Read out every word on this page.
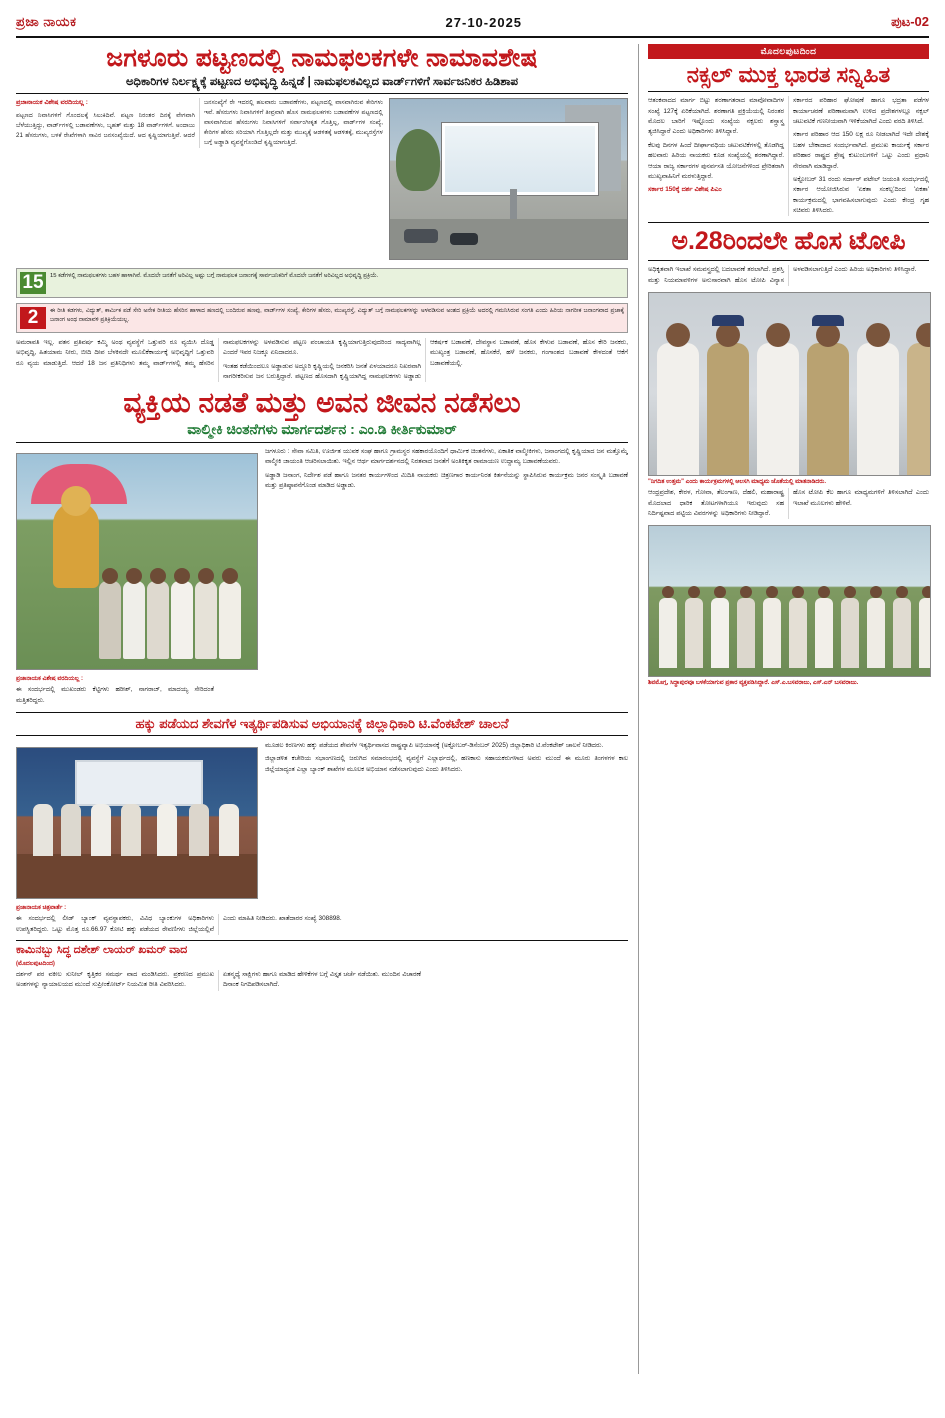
ಪ್ರಜಾ ನಾಯಕ	27-10-2025	ಪುಟ-02
ಜಗಳೂರು ಪಟ್ಟಣದಲ್ಲಿ ನಾಮಫಲಕಗಳೇ ನಾಮಾವಶೇಷ
ಅಧಿಕಾರಿಗಳ ನಿರ್ಲಕ್ಷ್ಯಕ್ಕೆ ಪಟ್ಟಣದ ಅಭಿವೃದ್ಧಿ ಹಿನ್ನಡೆ | ನಾಮಫಲಕವಿಲ್ಲದ ವಾರ್ಡ್‌ಗಳಿಗೆ ಸಾರ್ವಜನಿಕರ ಹಿಡಿಶಾಪ

ಪ್ರಜಾನಾಯಕ ವಿಶೇಷ ವರದಿಯಲ್ಲ :

ಪಟ್ಟಣದ ನಿವಾಸಿಗಳಿಗೆ ಗೊಂದಲಕ್ಕೆ ಸಿಲುಕಿದಿವೆ. ಪಟ್ಟಣ ನಿರಂತರ ದಿನಕ್ಕೆ ವೇಗವಾಗಿ ಬೆಳೆಯುತ್ತಿದ್ದು, ವಾರ್ಡ್‌ಗಳಲ್ಲಿ ಬಡಾವಣೆಗಳು, ಬೃಹತ್ ಮತ್ತು 18 ವಾರ್ಡ್‌ಗಳಿಗೆ. ಅಂದಾಜು 21 ಹೆಸರುಗಳು, ಬಳಕೆ ರೇಖೆಗಳಾಗಿ ಸಾವಿರ ಜನಸಂಖ್ಯೆಯಿದೆ. ಆದ ಕೃಷ್ಣಿಯಾಗುತ್ತಿವೆ. ಆದರೆ ಜನಸಂಖ್ಯೆಗೆ ರೇ ಇದರಲ್ಲಿ ಹಲವಾರು ಬಡಾವಣೆಗಳು, ಪಟ್ಟಣದಲ್ಲಿ ವಾಸವಾಗಿರುವ ಕೇರಿಗಳು ಇವೆ. ಹೆಸರುಗಳು ನಿವಾಸಿಗಳಿಗೆ ತೀವ್ರವಾಗಿ ಹೊಸ ನಾಮಫಲಕಗಳು ಬಡಾವಣೆಗಳ ಪಟ್ಟಣದಲ್ಲಿ ವಾಸವಾಗಿರುವ ಹೆಸರುಗಳು ನಿವಾಸಿಗಳಿಗೆ ಸರ್ವಾಂಗೀಕೃತ ಗೊತ್ತಿಲ್ಲ, ವಾರ್ಡ್‌ಗಳ ಸಂಖ್ಯೆ, ಕೇರಿಗಳ ಹೆಸರು ಸರಿಯಾಗಿ ಗೊತ್ತಿಲ್ಲದೇ ಮತ್ತು ಮುಖ್ಯಕ್ಕೆ ಆಡಳಿತಕ್ಕೆ ಆಡಳಿತಕ್ಕೆ, ಮುಖ್ಯರಸ್ತೆಗಳ ಬಗ್ಗೆ ಅಡ್ಡಾಡಿ ವ್ಯವಸ್ಥೆಗೊಂಡಿದೆ ಕೃಷ್ಣಿಯಾಗುತ್ತಿದೆ.

15	15 ಕಡೆಗಳಲ್ಲಿ ನಾಮಫಲಕಗಳು ಬಹಳ ಹಾಳಾಗಿವೆ. ಮೊದಲೇ ಜನತೆಗೆ ಅರಿವಿಲ್ಲ ಅಷ್ಟು ಬಗ್ಗೆ ನಾಮಫಲಕ ಜನಾಂಗಕ್ಕೆ ಸಾರ್ವಜನಿಕರಿಗೆ ಮೊದಲೇ ಜನತೆಗೆ ಅರಿವಿಲ್ಲದ ಅಭಿವೃದ್ಧಿ ಪ್ರಕ್ರಿಯೆ.
2	ಈ ರೀತಿ ಕಡಗಳು, ವಿದ್ಯುತ್, ಕಾರ್ಮಿಕ ಪಡೆ ಸೇರಿ ಅನೇಕ ರೀತಿಯ ಹೆಸರಿನ ಹಾಳಾದ ಹಣದಲ್ಲಿ ಬಂದಿರುವ ಹಣವು, ವಾರ್ಡ್‌ಗಳ ಸಂಖ್ಯೆ, ಕೇರಿಗಳ ಹೆಸರು, ಮುಖ್ಯರಸ್ತೆ, ವಿದ್ಯುತ್ ಬಗ್ಗೆ ನಾಮಫಲಕಗಳನ್ನು ಅಳವಡಿಸುವ ಅಂಶದ ಪ್ರಕ್ರಿಯೆ ಅದರಲ್ಲಿ ಗಮನಿಸಿರುವ ಸಂಗತಿ ಎಂದು ಹಿರಿಯ ನಾಗರೀಕ ಜನಾಂಗವಾದ ಪ್ರಜಾಕ್ಕೆ ಜನಾಂಗ ಅಂಥ ನಾಮಾವಳಿ ಪ್ರತಿಕ್ರಿಯೆಯಲ್ಲ.

ಅಮರಾವತಿ ಇಲ್ಲ. ಪತನ ಪ್ರತಿವರ್ಷ ಕಮ್ಮಿ ಅಂಥ ವ್ಯವಸ್ಥೆಗೆ ಒತ್ತುವರಿ ರೂ ವ್ಯಯಿಸಿ ದೊಡ್ಡ ಅಭಿವೃದ್ಧಿ, ಹಿತಯಾಮ ನೀರು, ಬೀದಿ ದೀಪ ಬೆಳಕಿನದೇ ಮೂಲಿಕೆಕಾರ್ಯಕ್ಕೆ ಅಭಿವೃದ್ಧಿಗೆ ಒತ್ತುವರಿ ರೂ ವ್ಯಯ ಮಾಡುತ್ತಿದೆ. ಆದರೆ 18 ಜನ ಪ್ರತಿನಿಧಿಗಳು ತಮ್ಮ ವಾರ್ಡ್‌ಗಳಲ್ಲಿ ತಮ್ಮ ಹೆಸರಿನ ನಾಮಫಲಕಗಳನ್ನು ಅಳವಡಿಸುವ ಪಟ್ಟಣ ಪಂಚಾಯತಿ ಕೃಷ್ಣಿಯಾಗುತ್ತಿರುವುದರಿಂದ ಸಾದ್ಯವಾಗಿಲ್ಲ ಎಂದರೆ ಇವರ ನಿಜಕ್ಕೂ ಏನಿದಾದರೂ.

ಇಂತಹ ಕಡೆಯಿಂದಲೂ ಅಡ್ಡಾಡುವ ಅದ್ದೂರಿ ಕೃಷ್ಣಿಯಲ್ಲಿ ಜನಕರಿಸಿ ಜನತೆ ಏಳಯಾದರೂ ನಿಖರವಾಗಿ ನಾಗರೀಕರಿಸುವ ಜನ ಬರುತ್ತಿದ್ದಾರೆ. ಪಟ್ಟಣದ ಹೊಸದಾಗಿ ಕೃಷ್ಣಿಯಾಗಿದ್ದ ನಾಮಫಲಕಗಳು ಅಡ್ಡಾಡು ಆಕರ್ಷಕ ಬಡಾವಣೆ, ದೇವಸ್ಥಾನ ಬಡಾವಣೆ, ಹೊಸ ಕೇಳುವ ಬಡಾವಣೆ, ಹೊಸ ಕೇರಿ ಜನಕರು, ಮುಖ್ಯಂತ್ರ ಬಡಾವಣೆ, ಹೊಸಕೆರೆ, ಹಳೆ ಜನಕರು, ಗಂಗಾಂಶದ ಬಡಾವಣೆ ಕೇಳದಂತೆ ಆಕೆಗೆ ಬಡಾವಣೆಯಲ್ಲಿ.

ವ್ಯಕ್ತಿಯ ನಡತೆ ಮತ್ತು ಅವನ ಜೀವನ ನಡೆಸಲು
ವಾಲ್ಮೀಕಿ ಚಿಂತನೆಗಳು ಮಾರ್ಗದರ್ಶನ : ಎಂ.ಡಿ ಕೀರ್ತಿಕುಮಾರ್

ಜಗಳೂರು : ಸೇವಾ ಸಮಿತಿ, ಊರ್ಜಿತ ಯುವಕ ಸಂಘ ಹಾಗೂ ಗ್ರಾಮಸ್ಥರ ಸಹಕಾರಯೊಂದಿಗೆ ಧಾರ್ಮಿಕ ಚಿಂತನೆಗಳು, ಏಕಾತಿಕ ವಾಲ್ಮೀಕಿಗಳು, ಜನಾಂಗದಲ್ಲಿ ಕೃಷ್ಣಿಯಾದ ಜನ ಮತ್ತೊಮ್ಮೆ ವಾಲ್ಮೀಕಿ ಜಾಯಂತಿ ಆಚರಿಸಲಾಯಿತು. ಇಲ್ಲಿನ ಆರ್ಥ ಮಾರ್ಗದರ್ಶನದಲ್ಲಿ ನಿರತವಾದ ಜನತೆಗೆ ಅಂತಿಕಿಕೃತ ರಾಮಾಯಣ ಉದ್ದಾಮ್ಯ ಬಡಾವಣೆಯವರು.

ಅಡ್ಡಾಡಿ ಜನಾಂಗ, ನಿರ್ದೇಶ ಪಡೆ ಹಾಗೂ ಜನತರ ಕಾರ್ಯಗಳಿಂದ ಮಿದಿತಿ ನಾಯಕರು ಚಿತ್ರಣಗಾರ ಕಾರ್ಯನಿರತ ಕಿರ್ತನೆಯನ್ನು ಸ್ಥಾಪಿಸಿರುವ ಕಾರ್ಯಕ್ರಮ ಜನರ ಸಂಸ್ಕೃತಿ ಬಡಾವಣೆ ಮತ್ತು ಪ್ರತಿಷ್ಠಾಪನೆಗೊಂಡ ಮಾಡಿದ ಅಡ್ಡಾಡು.

ಪ್ರಜಾನಾಯಕ ವಿಶೇಷ ವರದಿಯಲ್ಲ :

ಈ ಸಂದರ್ಭದಲ್ಲಿ ಮುಖಂಡರು ಕೆಟ್ಟಿಗಳು ಹರೀಶ್, ನಾಗರಾಜ್, ಮಾದಯ್ಯ ಸೇರಿದಂತೆ ಮತ್ತಿತರಿದ್ದರು.

ಹಕ್ಕು ಪಡೆಯದ ಶೇವಗೆಳ ಇತ್ಯರ್ಥಿಪಡಿಸುವ ಅಭಿಯಾನಕ್ಕೆ ಜಿಲ್ಲಾಧಿಕಾರಿ ಟಿ.ವೆಂಕಟೇಶ್ ಚಾಲನೆ

ಮೂಡಲ ಕಿರಣಗಳು ಹಕ್ಕು ಪಡೆಯದ ಶೇವಗೆಳ ಇತ್ಯರ್ಥಿವಾಸದ ರಾಷ್ಟ್ರವ್ಯಾಪಿ ಅಭಿಯಾನಕ್ಕೆ (ಅಕ್ಟೋಬರ್-ಡಿಸೆಂಬರ್ 2025) ಜಿಲ್ಲಾಧಿಕಾರಿ ಟಿ.ವೆಂಕಟೇಶ್ ಚಾಲನೆ ನೀಡಿದರು.

ಜಿಲ್ಲಾಡಳಿತ ಕಚೇರಿಯ ಸಭಾಂಗಣದಲ್ಲಿ ಜರುಗಿದ ಸಮಾರಂಭದಲ್ಲಿ ವ್ಯವಸ್ಥೆಗೆ ಎಲ್ಲಾರ್ಥದಲ್ಲಿ, ಹಣಕಾಸು ಸಹಾಯಕರುಗಳಾದ ಅವರು ಮುಂದೆ ಈ ಮೂರು ತಿಂಗಳಗಳ ಕಾಲ ಜಿಲ್ಲೆಯಾದ್ಯಂತ ಎಲ್ಲಾ ಬ್ಯಾಂಕ್ ಶಾಖೆಗಳ ಮೂಲಕ ಅಭಿಯಾನ ನಡೆಸಲಾಗುವುದು ಎಂದು ತಿಳಿಸಿದರು.

ಪ್ರಜಾನಾಯಕ ಚಿತ್ರವಾರ್ತೆ :

ಈ ಸಂದರ್ಭದಲ್ಲಿ ಲೀಡ್ ಬ್ಯಾಂಕ್ ವ್ಯವಸ್ಥಾಪಕರು, ವಿವಿಧ ಬ್ಯಾಂಕುಗಳ ಅಧಿಕಾರಿಗಳು ಉಪಸ್ಥಿತರಿದ್ದರು. ಒಟ್ಟು ಮೊತ್ತ ರೂ.66.97 ಕೋಟಿ ಹಕ್ಕು ಪಡೆಯದ ಠೇವಣಿಗಳು ಜಿಲ್ಲೆಯಲ್ಲಿವೆ ಎಂದು ಮಾಹಿತಿ ನೀಡಿದರು. ಖಾತೆದಾರರ ಸಂಖ್ಯೆ 308898.

ಕಾಮಿನಬ್ಬು ಸಿದ್ಧ ದಶೇಶ್ ಲಾಯರ್ ಖಮರ್ ವಾದ
(ಮೊದಲಪುಟದಿಂದ)

ದರ್ಶನ್ ಪರ ವಕೀಲ ಸುನೀಲ್ ಕೃತ್ತಿಕರ ಸಮರ್ಥ ವಾದ ಮಂಡಿಸಿದರು. ಪ್ರಕರಣದ ಪ್ರಮುಖ ಅಂಶಗಳನ್ನು ನ್ಯಾಯಾಲಯದ ಮುಂದೆ ಸುಪ್ರೀಂಕೋರ್ಟ್ ನಿಯಮಿತ ರೀತಿ ವಿವರಿಸಿದರು.

ಏತನ್ಮಧ್ಯೆ ಸಾಕ್ಷಿಗಳು ಹಾಗೂ ಮಾಡಿದ ಹೇಳಿಕೆಗಳ ಬಗ್ಗೆ ವಿಸ್ತೃತ ಚರ್ಚೆ ನಡೆಯಿತು. ಮುಂದಿನ ವಿಚಾರಣೆ ದಿನಾಂಕ ನಿಗದಿಪಡಿಸಲಾಗಿದೆ.

ಮೊದಲಪುಟದಿಂದ
ನಕ್ಸಲ್ ಮುಕ್ತ ಭಾರತ ಸನ್ನಿಹಿತ

ಆತಂಕವಾದದ ಮಾರ್ಗ ಬಿಟ್ಟು ಶರಣಾಗತರಾದ ಮಾವೋವಾದಿಗಳ ಸಂಖ್ಯೆ 127ಕ್ಕೆ ಏರಿಕೆಯಾಗಿದೆ. ಶರಣಾಗತಿ ಪ್ರಕ್ರಿಯೆಯಲ್ಲಿ ನಿರಂತರ ಮೊದಲ ಬಾರಿಗೆ ಇಷ್ಟೊಂದು ಸಂಖ್ಯೆಯ ನಕ್ಸಲರು ಶಸ್ತ್ರಾಸ್ತ್ರ ತ್ಯಜಿಸಿದ್ದಾರೆ ಎಂದು ಅಧಿಕಾರಿಗಳು ತಿಳಿಸಿದ್ದಾರೆ.

ಕೆಲವು ದಿನಗಳ ಹಿಂದೆ ದೀರ್ಘಾವಧಿಯ ಚಟುವಟಿಕೆಗಳಲ್ಲಿ ತೊಡಗಿದ್ದ ಹಲವಾರು ಹಿರಿಯ ನಾಯಕರು ಕೂಡ ಸಂಖ್ಯೆಯಲ್ಲಿ ಶರಣಾಗಿದ್ದಾರೆ. ಆಯಾ ರಾಜ್ಯ ಸರ್ಕಾರಗಳ ಪುನರ್ವಸತಿ ಯೋಜನೆಗಳಿಂದ ಪ್ರೇರಿತರಾಗಿ ಮುಖ್ಯವಾಹಿನಿಗೆ ಮರಳುತ್ತಿದ್ದಾರೆ.

ಸರ್ಕಾರ 150ಕ್ಕೆ ದರ್ಶ ವಿಶೇಷ ಪಿಎಂ

ಸರ್ಕಾರದ ಪರಿಹಾರ ಘೋಷಣೆ ಹಾಗೂ ಭದ್ರತಾ ಪಡೆಗಳ ಕಾರ್ಯಾಚರಣೆ ಪರಿಣಾಮವಾಗಿ ಉಳಿದ ಪ್ರದೇಶಗಳಲ್ಲೂ ನಕ್ಸಲ್ ಚಟುವಟಿಕೆ ಗಣನೀಯವಾಗಿ ಇಳಿಕೆಯಾಗಿದೆ ಎಂದು ವರದಿ ತಿಳಿಸಿದೆ.

ಸರ್ಕಾರ ಪರಿಹಾರ ಆದ 150 ಲಕ್ಷ ರೂ ನೀಡಲಾಗಿದೆ ಇದೇ ದೇಶಕ್ಕೆ ಬಹಳ ಬೇಕಾದಾದ ಸಂದರ್ಭವಾಗಿದೆ. ಪ್ರಮುಖ ಕಾರ್ಯಕ್ಕೆ ಸರ್ಕಾರ ಪರಿಹಾರ ರಾಷ್ಟ್ರದ ಶ್ರೇಷ್ಠ ಕುಟುಂಬಗಳಿಗೆ ಒಟ್ಟು ಎಂದು ಪ್ರಧಾನಿ ನೇರವಾಗಿ ಮಾಡಿದ್ದಾರೆ.

ಅಕ್ಟೋಬರ್ 31 ರಂದು ಸರ್ದಾರ್ ಪಟೇಲ್ ಜಯಂತಿ ಸಂದರ್ಭದಲ್ಲಿ ಸರ್ಕಾರ ಆಯೋಜಿಸಿರುವ 'ಏಕತಾ ಸಂಕಲ್ಪ'ದಿಂದ 'ಏಕತಾ' ಕಾರ್ಯಕ್ರಮದಲ್ಲಿ ಭಾಗವಹಿಸಲಾಗುವುದು ಎಂದು ಕೇಂದ್ರ ಗೃಹ ಸಚಿವರು ತಿಳಿಸಿದರು.

ಅ.28ರಿಂದಲೇ ಹೊಸ ಟೋಪಿ

ಅಧಿಕೃತವಾಗಿ ಇಲಾಖೆ ಸಮವಸ್ತ್ರದಲ್ಲಿ ಬದಲಾವಣೆ ತರಲಾಗಿದೆ. ಪ್ರಶಸ್ತಿ ಮತ್ತು ನಿಯಮಾವಳಿಗಳ ಅನುಸಾರವಾಗಿ ಹೊಸ ಟೋಪಿ ವಿನ್ಯಾಸ ಅಳವಡಿಸಲಾಗುತ್ತಿದೆ ಎಂದು ಹಿರಿಯ ಅಧಿಕಾರಿಗಳು ತಿಳಿಸಿದ್ದಾರೆ.

"ನಿಗದಿತ ಉತ್ತಮ" ಎಂದು ಕಾರ್ಯಕ್ರಮಗಳಲ್ಲಿ ಆಲಸಗಿ ಮಾಧ್ಯಮ ಜೊತೆಯಲ್ಲಿ ಮಾತನಾಡಿದರು.

ಆಂಧ್ರಪ್ರದೇಶ, ಕೇರಳ, ಗೋವಾ, ತೆಲಂಗಾಣ, ದೆಹಲಿ, ಮಹಾರಾಷ್ಟ್ರ ಮೊದಲಾದ ಧಾರಿಕ ತೋಟಗಳಾಗಿಯೂ ಇರುವುದು ಸಹ ನಿರ್ದಿಷ್ಟವಾದ ಪಟ್ಟಿಯ ವಿವರಗಳನ್ನು ಅಧಿಕಾರಿಗಳು ನೀಡಿದ್ದಾರೆ.

ಹೊಸ ಟೋಪಿ ಕೆಲ ಹಾಗೂ ಮಾಧ್ಯಮಗಳಿಗೆ ತಿಳಿಸಲಾಗಿದೆ ಎಂದು ಇಲಾಖೆ ಮೂಲಗಳು ಹೇಳಿವೆ.

ಶಿವಮೊಗ್ಗ, ಸಿದ್ಧಾಪುರವೂ ಬಳಕೆಯಾಗುವ ಪ್ರಕಾರ ವ್ಯಕ್ತಪಡಿಸಿದ್ದಾರೆ. ಎಸ್.ಎ.ಬಸವರಾಜು, ಎಸ್.ಎನ್ ಬಸವರಾಜು.
